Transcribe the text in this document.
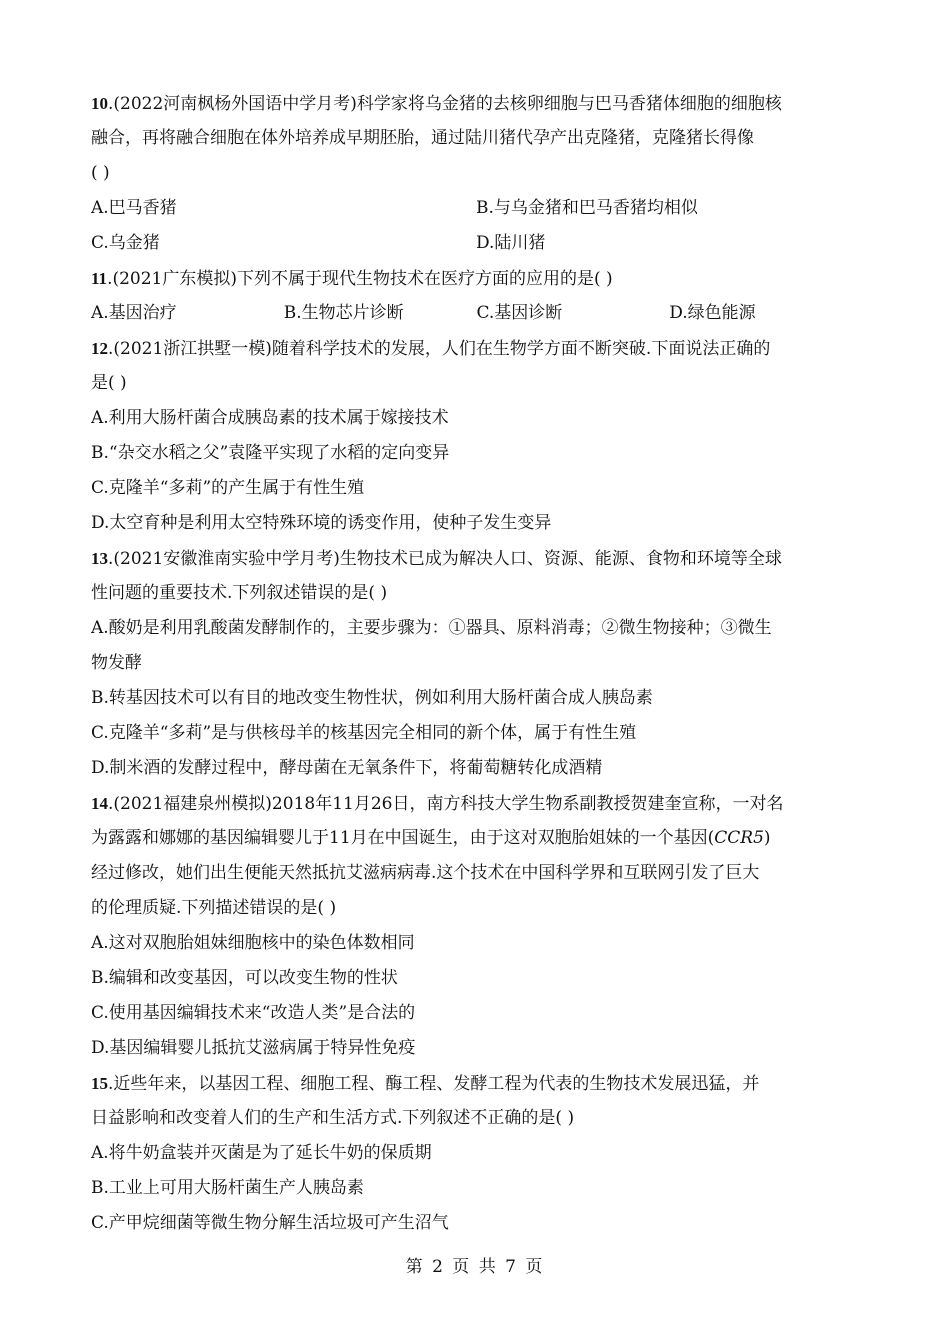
10.(2022河南枫杨外国语中学月考)科学家将乌金猪的去核卵细胞与巴马香猪体细胞的细胞核
融合，再将融合细胞在体外培养成早期胚胎，通过陆川猪代孕产出克隆猪，克隆猪长得像
( )
A.巴马香猪	B.与乌金猪和巴马香猪均相似
C.乌金猪	D.陆川猪
11.(2021广东模拟)下列不属于现代生物技术在医疗方面的应用的是( )
A.基因治疗	B.生物芯片诊断	C.基因诊断	D.绿色能源
12.(2021浙江拱墅一模)随着科学技术的发展，人们在生物学方面不断突破.下面说法正确的
是( )
A.利用大肠杆菌合成胰岛素的技术属于嫁接技术
B.“杂交水稻之父”袁隆平实现了水稻的定向变异
C.克隆羊“多莉”的产生属于有性生殖
D.太空育种是利用太空特殊环境的诱变作用，使种子发生变异
13.(2021安徽淮南实验中学月考)生物技术已成为解决人口、资源、能源、食物和环境等全球
性问题的重要技术.下列叙述错误的是( )
A.酸奶是利用乳酸菌发酵制作的，主要步骤为：①器具、原料消毒；②微生物接种；③微生
物发酵
B.转基因技术可以有目的地改变生物性状，例如利用大肠杆菌合成人胰岛素
C.克隆羊“多莉”是与供核母羊的核基因完全相同的新个体，属于有性生殖
D.制米酒的发酵过程中，酵母菌在无氧条件下，将葡萄糖转化成酒精
14.(2021福建泉州模拟)2018年11月26日，南方科技大学生物系副教授贺建奎宣称，一对名
为露露和娜娜的基因编辑婴儿于11月在中国诞生，由于这对双胞胎姐妹的一个基因(CCR5)
经过修改，她们出生便能天然抵抗艾滋病病毒.这个技术在中国科学界和互联网引发了巨大
的伦理质疑.下列描述错误的是( )
A.这对双胞胎姐妹细胞核中的染色体数相同
B.编辑和改变基因，可以改变生物的性状
C.使用基因编辑技术来“改造人类”是合法的
D.基因编辑婴儿抵抗艾滋病属于特异性免疫
15.近些年来，以基因工程、细胞工程、酶工程、发酵工程为代表的生物技术发展迅猛，并
日益影响和改变着人们的生产和生活方式.下列叙述不正确的是( )
A.将牛奶盒装并灭菌是为了延长牛奶的保质期
B.工业上可用大肠杆菌生产人胰岛素
C.产甲烷细菌等微生物分解生活垃圾可产生沼气
第 2 页 共 7 页
